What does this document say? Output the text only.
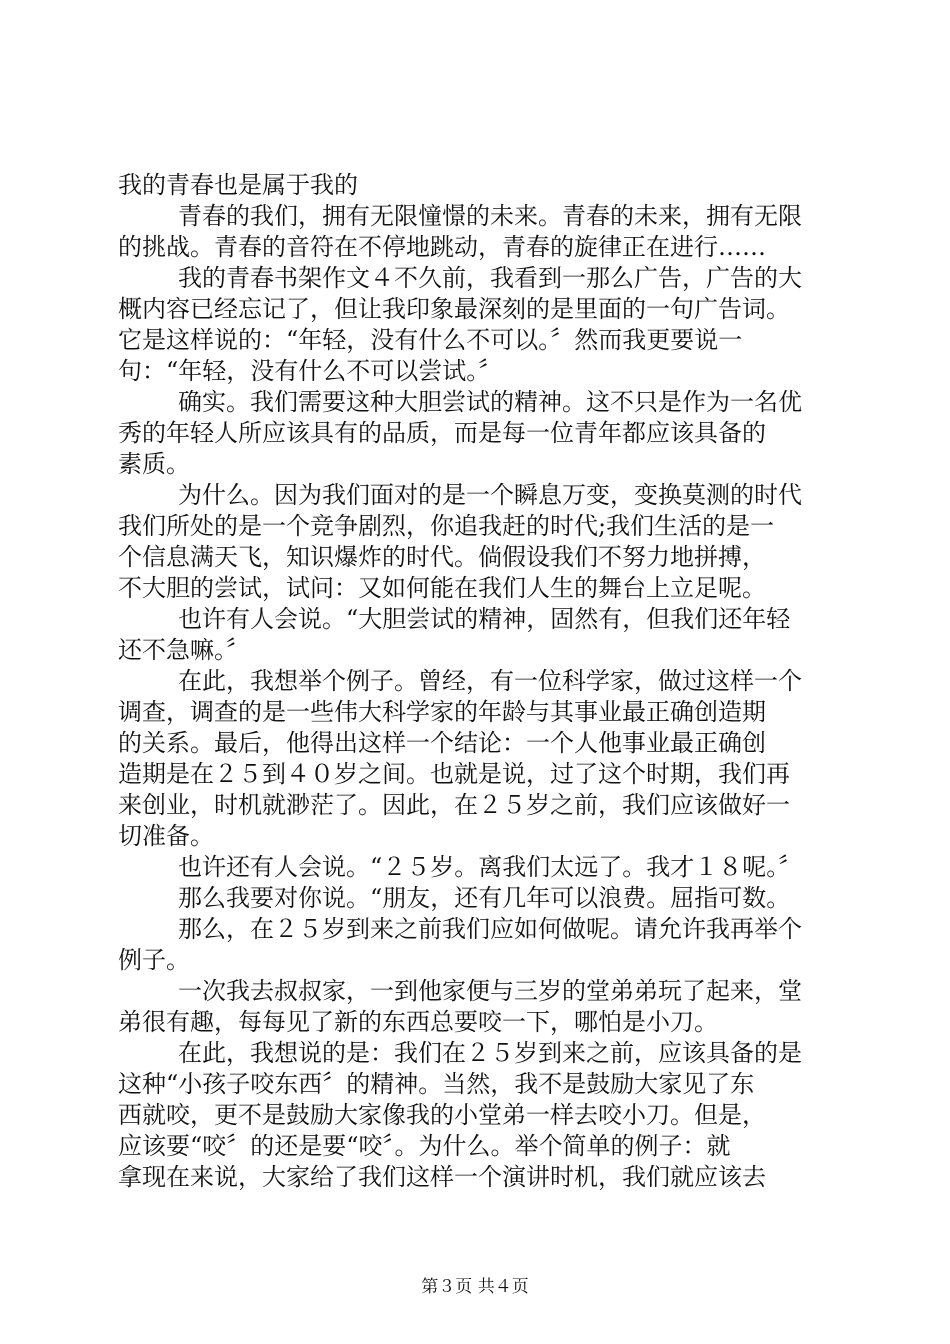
我的青春也是属于我的
青春的我们，拥有无限憧憬的未来。青春的未来，拥有无限
的挑战。青春的音符在不停地跳动，青春的旋律正在进行……
我的青春书架作文４不久前，我看到一那么广告，广告的大
概内容已经忘记了，但让我印象最深刻的是里面的一句广告词。
它是这样说的：“年轻，没有什么不可以。〞然而我更要说一
句：“年轻，没有什么不可以尝试。〞
确实。我们需要这种大胆尝试的精神。这不只是作为一名优
秀的年轻人所应该具有的品质，而是每一位青年都应该具备的
素质。
为什么。因为我们面对的是一个瞬息万变，变换莫测的时代
我们所处的是一个竞争剧烈，你追我赶的时代;我们生活的是一
个信息满天飞，知识爆炸的时代。倘假设我们不努力地拼搏，
不大胆的尝试，试问：又如何能在我们人生的舞台上立足呢。
也许有人会说。“大胆尝试的精神，固然有，但我们还年轻
还不急嘛。〞
在此，我想举个例子。曾经，有一位科学家，做过这样一个
调查，调查的是一些伟大科学家的年龄与其事业最正确创造期
的关系。最后，他得出这样一个结论：一个人他事业最正确创
造期是在２５到４０岁之间。也就是说，过了这个时期，我们再
来创业，时机就渺茫了。因此，在２５岁之前，我们应该做好一
切准备。
也许还有人会说。“２５岁。离我们太远了。我才１８呢。〞
那么我要对你说。“朋友，还有几年可以浪费。屈指可数。
那么，在２５岁到来之前我们应如何做呢。请允许我再举个
例子。
一次我去叔叔家，一到他家便与三岁的堂弟弟玩了起来，堂
弟很有趣，每每见了新的东西总要咬一下，哪怕是小刀。
在此，我想说的是：我们在２５岁到来之前，应该具备的是
这种“小孩子咬东西〞的精神。当然，我不是鼓励大家见了东
西就咬，更不是鼓励大家像我的小堂弟一样去咬小刀。但是，
应该要“咬〞的还是要“咬〞。为什么。举个简单的例子：就
拿现在来说，大家给了我们这样一个演讲时机，我们就应该去
第３页 共４页
